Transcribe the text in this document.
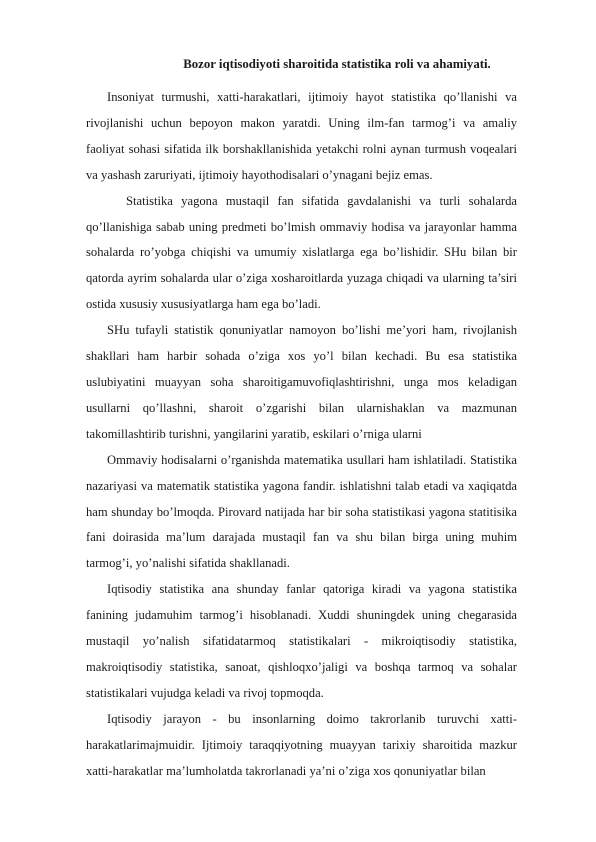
Bozor iqtisodiyoti sharoitida statistika roli va ahamiyati.

Insoniyat turmushi, xatti-harakatlari, ijtimoiy hayot statistika qo’llanishi va rivojlanishi uchun bepoyon makon yaratdi. Uning ilm-fan tarmog’i va amaliy faoliyat sohasi sifatida ilk borshakllanishida yetakchi rolni aynan turmush voqealari va yashash zaruriyati, ijtimoiy hayothodisalari o’ynagani bejiz emas.

Statistika yagona mustaqil fan sifatida gavdalanishi va turli sohalarda qo’llanishiga sabab uning predmeti bo’lmish ommaviy hodisa va jarayonlar hamma sohalarda ro’yobga chiqishi va umumiy xislatlarga ega bo’lishidir. SHu bilan bir qatorda ayrim sohalarda ular o’ziga xosharoitlarda yuzaga chiqadi va ularning ta’siri ostida xususiy xususiyatlarga ham ega bo’ladi.

SHu tufayli statistik qonuniyatlar namoyon bo’lishi me’yori ham, rivojlanish shakllari ham harbir sohada o’ziga xos yo’l bilan kechadi. Bu esa statistika uslubiyatini muayyan soha sharoitigamuvofiqlashtirishni, unga mos keladigan usullarni qo’llashni, sharoit o’zgarishi bilan ularnishaklan va mazmunan takomillashtirib turishni, yangilarini yaratib, eskilari o’rniga ularni

Ommaviy hodisalarni o’rganishda matematika usullari ham ishlatiladi. Statistika nazariyasi va matematik statistika yagona fandir. ishlatishni talab etadi va xaqiqatda ham shunday bo’lmoqda. Pirovard natijada har bir soha statistikasi yagona statitisika fani doirasida ma’lum darajada mustaqil fan va shu bilan birga uning muhim tarmog’i, yo’nalishi sifatida shakllanadi.

Iqtisodiy statistika ana shunday fanlar qatoriga kiradi va yagona statistika fanining judamuhim tarmog’i hisoblanadi. Xuddi shuningdek uning chegarasida mustaqil yo’nalish sifatidatarmoq statistikalari - mikroiqtisodiy statistika, makroiqtisodiy statistika, sanoat, qishloqxo’jaligi va boshqa tarmoq va sohalar statistikalari vujudga keladi va rivoj topmoqda.

Iqtisodiy jarayon - bu insonlarning doimo takrorlanib turuvchi xatti-harakatlarimajmuidir. Ijtimoiy taraqqiyotning muayyan tarixiy sharoitida mazkur xatti-harakatlar ma’lumholatda takrorlanadi ya’ni o’ziga xos qonuniyatlar bilan
